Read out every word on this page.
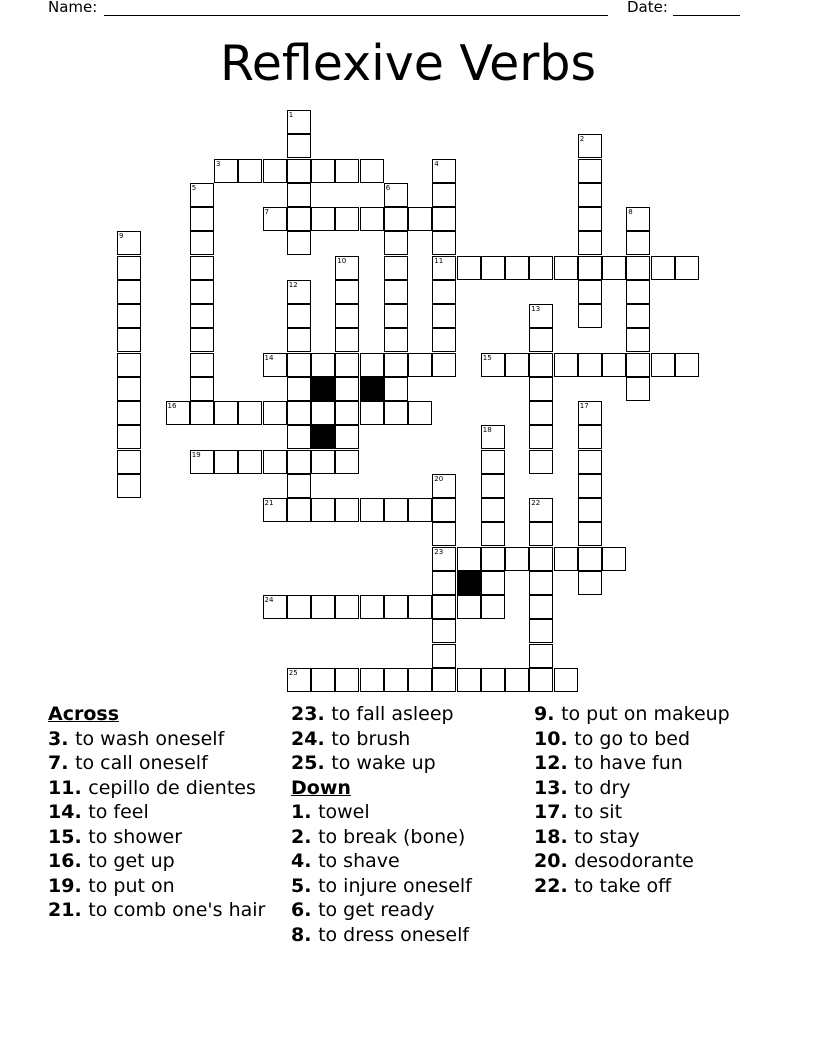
Name:	Date:
Reflexive Verbs
3
7
11
14	15
16
19
21
23
24
25
1
2
4
5	6
8
9
10
12
13
17
18
20
22
Across
3. to wash oneself
7. to call oneself
11. cepillo de dientes
14. to feel
15. to shower
16. to get up
19. to put on
21. to comb one's hair
23. to fall asleep
24. to brush
25. to wake up
Down
1. towel
2. to break (bone)
4. to shave
5. to injure oneself
6. to get ready
8. to dress oneself
9. to put on makeup
10. to go to bed
12. to have fun
13. to dry
17. to sit
18. to stay
20. desodorante
22. to take off
